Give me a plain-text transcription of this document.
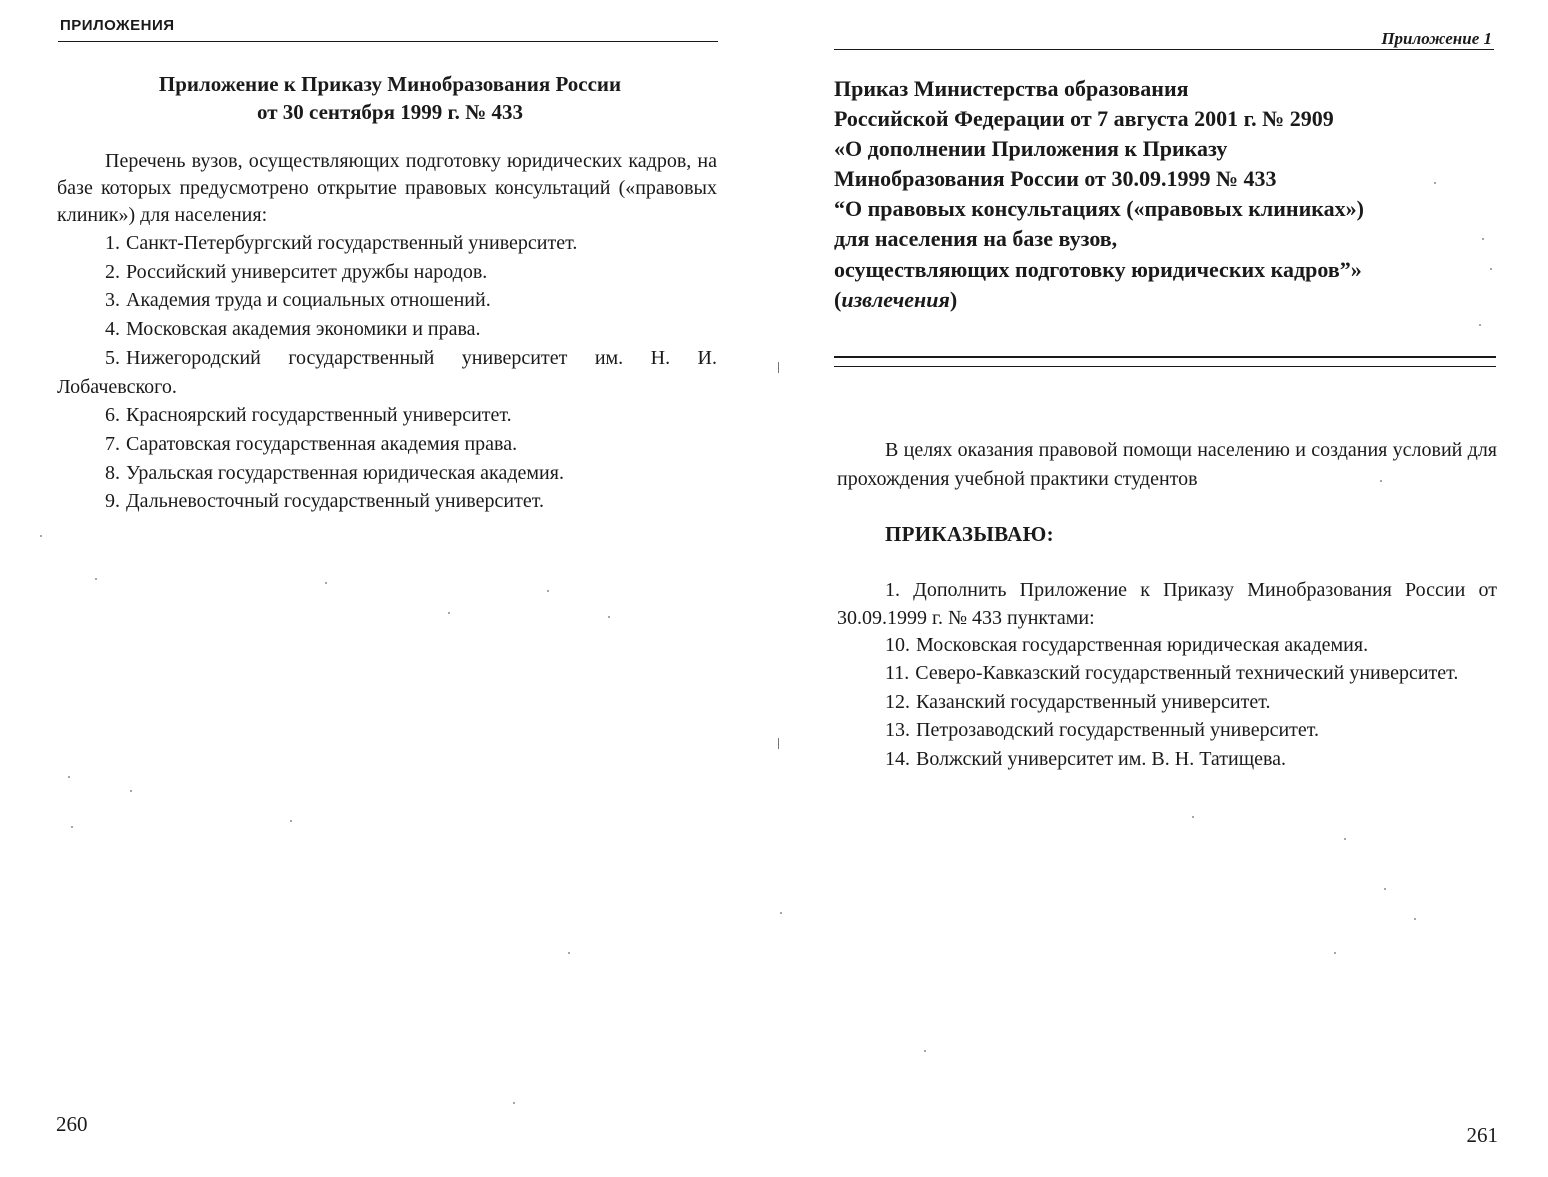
ПРИЛОЖЕНИЯ

Приложение к Приказу Минобразования России
от 30 сентября 1999 г. № 433

Перечень вузов, осуществляющих подготовку юридических кадров, на базе которых предусмотрено открытие правовых консультаций («правовых клиник») для населения:

1. Санкт-Петербургский государственный университет.
2. Российский университет дружбы народов.
3. Академия труда и социальных отношений.
4. Московская академия экономики и права.
5. Нижегородский государственный университет им. Н. И. Лобачевского.
6. Красноярский государственный университет.
7. Саратовская государственная академия права.
8. Уральская государственная юридическая академия.
9. Дальневосточный государственный университет.

260

Приложение 1

Приказ Министерства образования
Российской Федерации от 7 августа 2001 г. № 2909
«О дополнении Приложения к Приказу
Минобразования России от 30.09.1999 № 433
“О правовых консультациях («правовых клиниках»)
для населения на базе вузов,
осуществляющих подготовку юридических кадров”»
(извлечения)

В целях оказания правовой помощи населению и создания условий для прохождения учебной практики студентов

ПРИКАЗЫВАЮ:

1. Дополнить Приложение к Приказу Минобразования России от 30.09.1999 г. № 433 пунктами:

10. Московская государственная юридическая академия.
11. Северо-Кавказский государственный технический университет.
12. Казанский государственный университет.
13. Петрозаводский государственный университет.
14. Волжский университет им. В. Н. Татищева.

261
